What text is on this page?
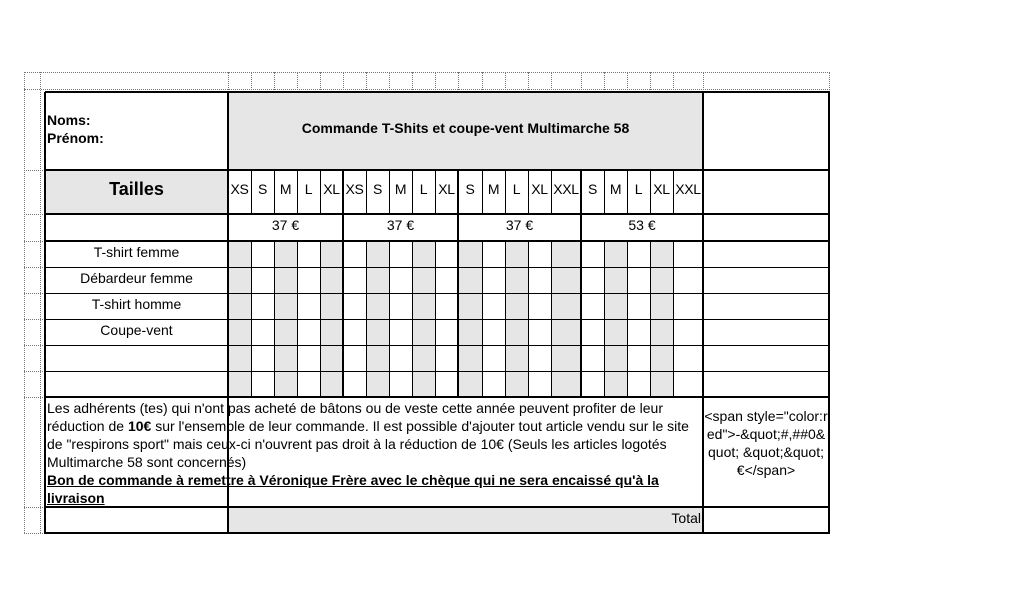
Noms:
Prénom:
Commande T-Shits et coupe-vent Multimarche 58
Tailles	XS S M L XL
37 €
XS S M L XL
37 €
S M L XL XXL
37 €
S M L XL XXL
53 €
T-shirt femme
Débardeur femme
T-shirt homme
Coupe-vent
Les adhérents (tes) qui n'ont pas acheté de bâtons ou de veste cette année peuvent profiter de leur réduction de 10€ sur l'ensemble de leur commande. Il est possible d'ajouter tout article vendu sur le site de "respirons sport" mais ceux-ci n'ouvrent pas droit à la réduction de 10€ (Seuls les articles logotés Multimarche 58 sont concernés)
Bon de commande à remettre à Véronique Frère avec le chèque qui ne sera encaissé qu'à la livraison
<span style="color:red">-&quot;#,##0&quot; &quot;&quot; €</span>
Total
